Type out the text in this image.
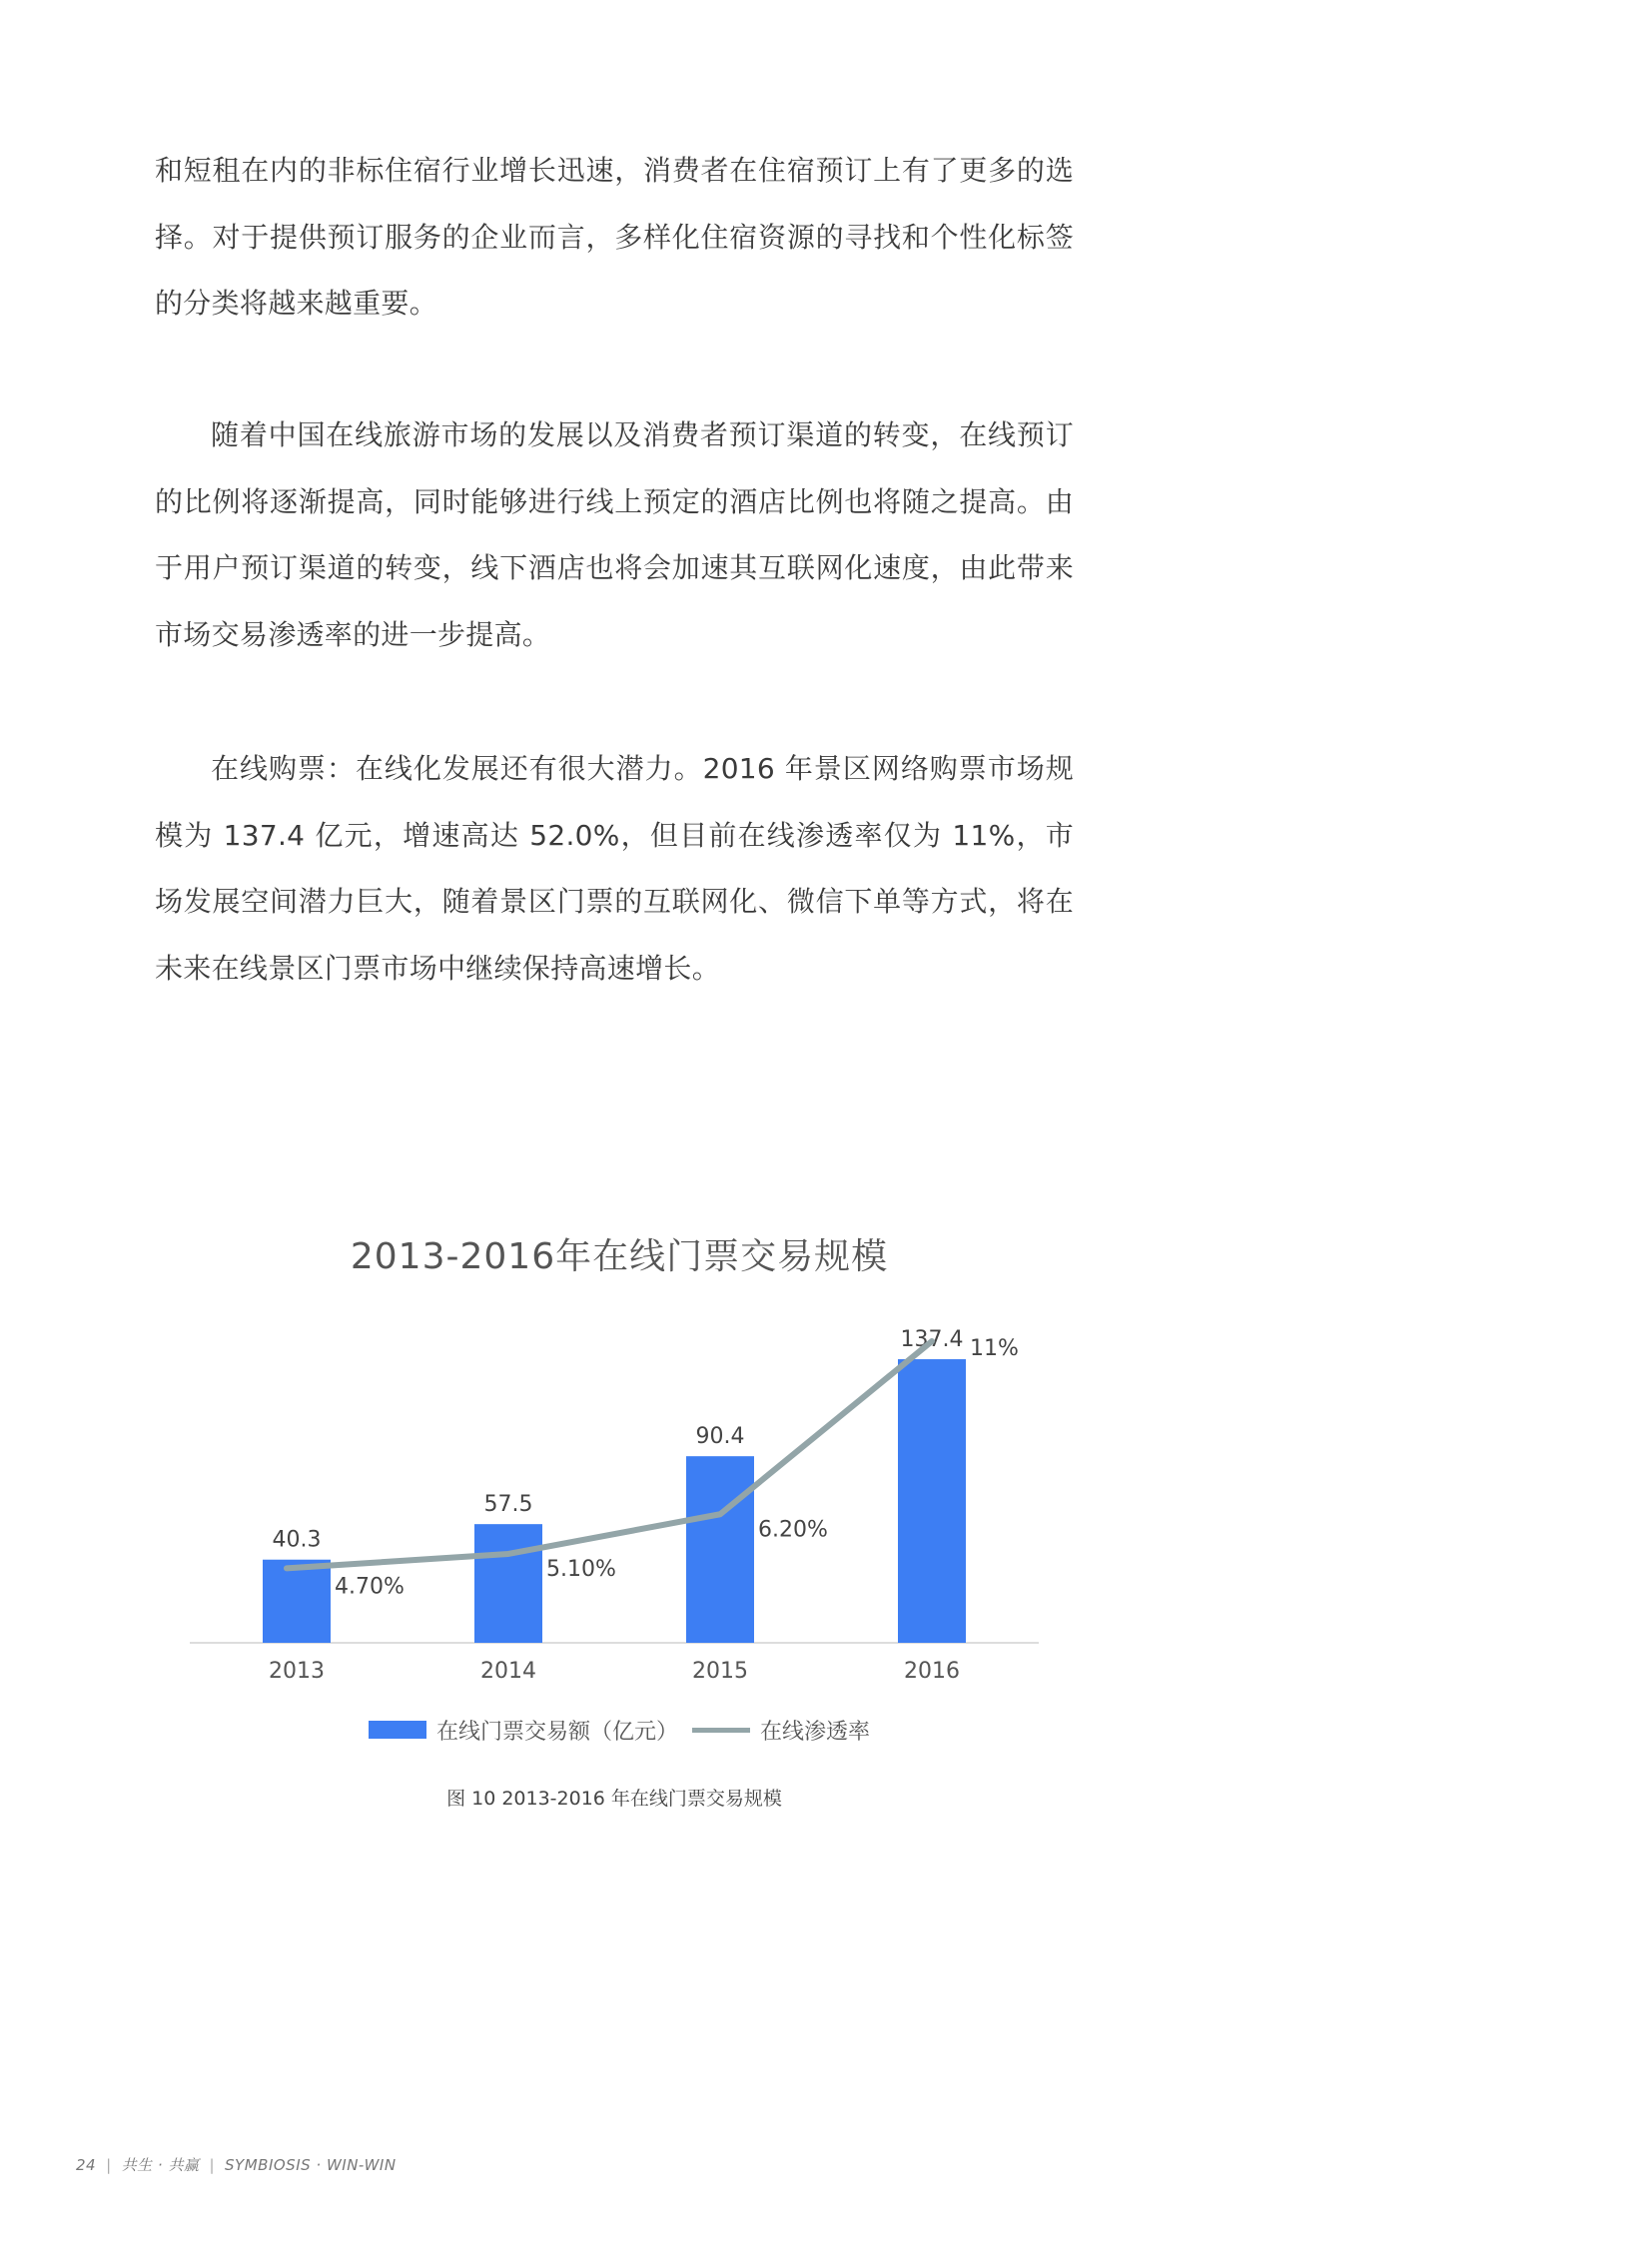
和短租在内的非标住宿行业增长迅速，消费者在住宿预订上有了更多的选择。对于提供预订服务的企业而言，多样化住宿资源的寻找和个性化标签的分类将越来越重要。

随着中国在线旅游市场的发展以及消费者预订渠道的转变，在线预订的比例将逐渐提高，同时能够进行线上预定的酒店比例也将随之提高。由于用户预订渠道的转变，线下酒店也将会加速其互联网化速度，由此带来市场交易渗透率的进一步提高。

在线购票：在线化发展还有很大潜力。2016 年景区网络购票市场规模为 137.4 亿元，增速高达 52.0%，但目前在线渗透率仅为 11%，市场发展空间潜力巨大，随着景区门票的互联网化、微信下单等方式，将在未来在线景区门票市场中继续保持高速增长。

2013-2016年在线门票交易规模
40.3
2013
57.5
2014
90.4
2015
137.4
2016
4.70%
5.10%
6.20%
11%
在线门票交易额（亿元）	在线渗透率
图 10 2013-2016 年在线门票交易规模
24 | 共生 · 共赢 | SYMBIOSIS · WIN-WIN
